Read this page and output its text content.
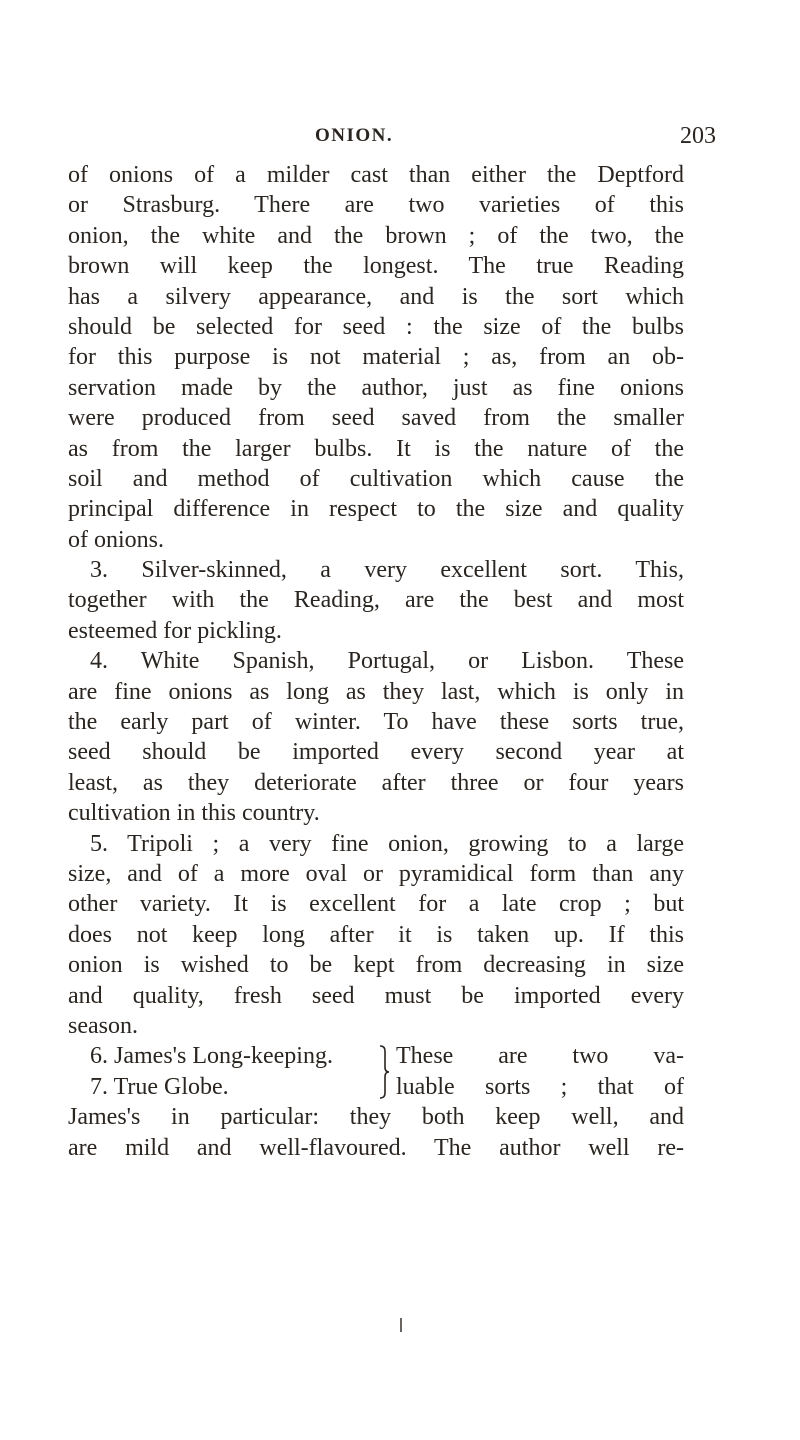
ONION.	203
of onions of a milder cast than either the Deptford
or Strasburg. There are two varieties of this
onion, the white and the brown ; of the two, the
brown will keep the longest. The true Reading
has a silvery appearance, and is the sort which
should be selected for seed : the size of the bulbs
for this purpose is not material ; as, from an ob-
servation made by the author, just as fine onions
were produced from seed saved from the smaller
as from the larger bulbs. It is the nature of the
soil and method of cultivation which cause the
principal difference in respect to the size and quality
of onions.
3. Silver-skinned, a very excellent sort. This,
together with the Reading, are the best and most
esteemed for pickling.
4. White Spanish, Portugal, or Lisbon. These
are fine onions as long as they last, which is only in
the early part of winter. To have these sorts true,
seed should be imported every second year at
least, as they deteriorate after three or four years
cultivation in this country.
5. Tripoli ; a very fine onion, growing to a large
size, and of a more oval or pyramidical form than any
other variety. It is excellent for a late crop ; but
does not keep long after it is taken up. If this
onion is wished to be kept from decreasing in size
and quality, fresh seed must be imported every
season.
6. James's Long-keeping.
7. True Globe.
These are two va-
luable sorts ; that of
James's in particular: they both keep well, and
are mild and well-flavoured. The author well re-
